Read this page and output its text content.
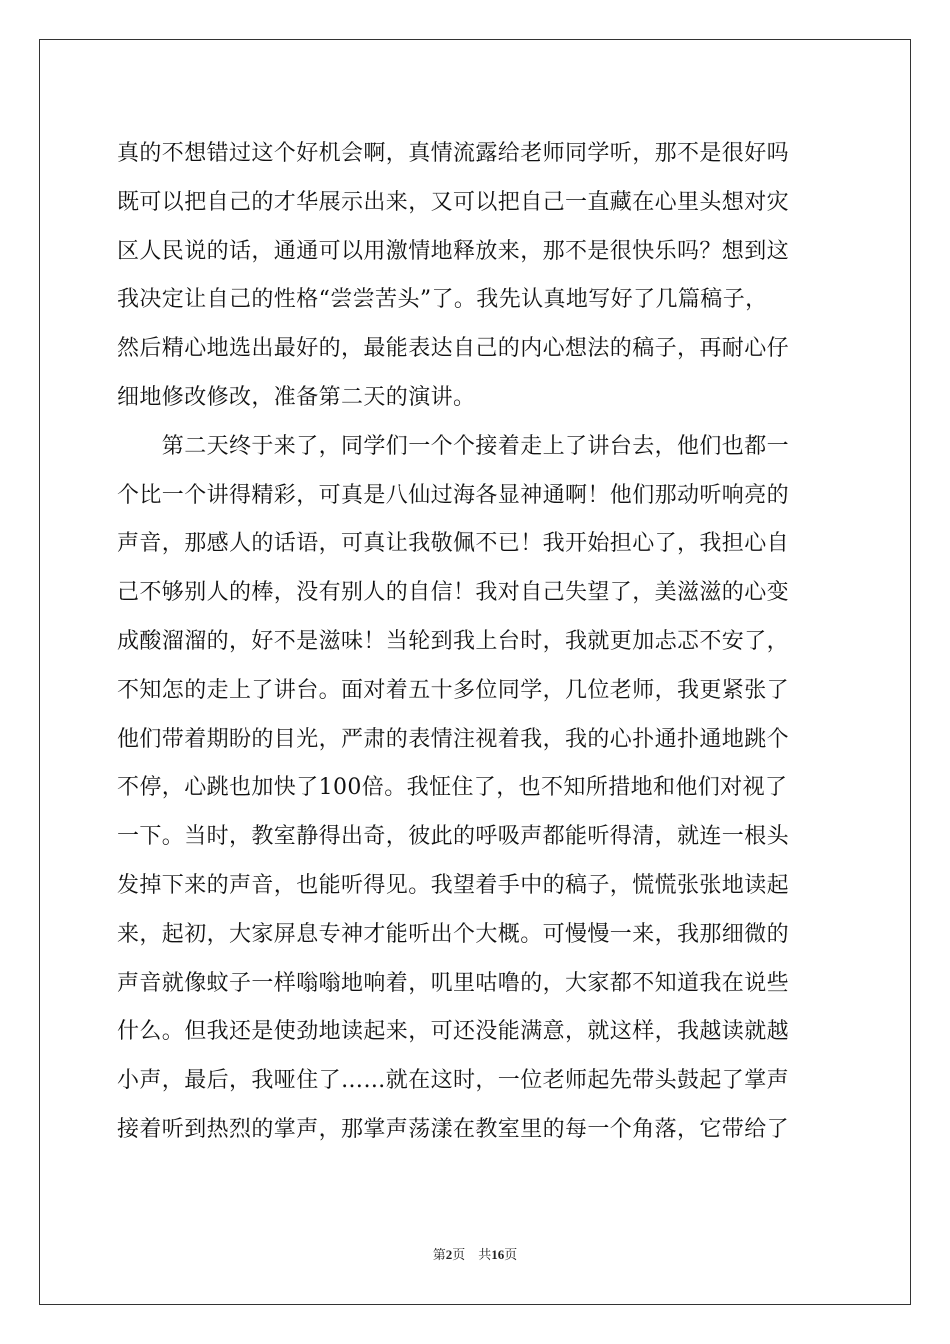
真的不想错过这个好机会啊，真情流露给老师同学听，那不是很好吗
既可以把自己的才华展示出来，又可以把自己一直藏在心里头想对灾
区人民说的话，通通可以用激情地释放来，那不是很快乐吗？想到这
我决定让自己的性格“尝尝苦头”了。我先认真地写好了几篇稿子，
然后精心地选出最好的，最能表达自己的内心想法的稿子，再耐心仔
细地修改修改，准备第二天的演讲。
　　第二天终于来了，同学们一个个接着走上了讲台去，他们也都一
个比一个讲得精彩，可真是八仙过海各显神通啊！他们那动听响亮的
声音，那感人的话语，可真让我敬佩不已！我开始担心了，我担心自
己不够别人的棒，没有别人的自信！我对自己失望了，美滋滋的心变
成酸溜溜的，好不是滋味！当轮到我上台时，我就更加忐忑不安了，
不知怎的走上了讲台。面对着五十多位同学，几位老师，我更紧张了
他们带着期盼的目光，严肃的表情注视着我，我的心扑通扑通地跳个
不停，心跳也加快了100倍。我怔住了，也不知所措地和他们对视了
一下。当时，教室静得出奇，彼此的呼吸声都能听得清，就连一根头
发掉下来的声音，也能听得见。我望着手中的稿子，慌慌张张地读起
来，起初，大家屏息专神才能听出个大概。可慢慢一来，我那细微的
声音就像蚊子一样嗡嗡地响着，叽里咕噜的，大家都不知道我在说些
什么。但我还是使劲地读起来，可还没能满意，就这样，我越读就越
小声，最后，我哑住了……就在这时，一位老师起先带头鼓起了掌声
接着听到热烈的掌声，那掌声荡漾在教室里的每一个角落，它带给了
第2页　共16页
